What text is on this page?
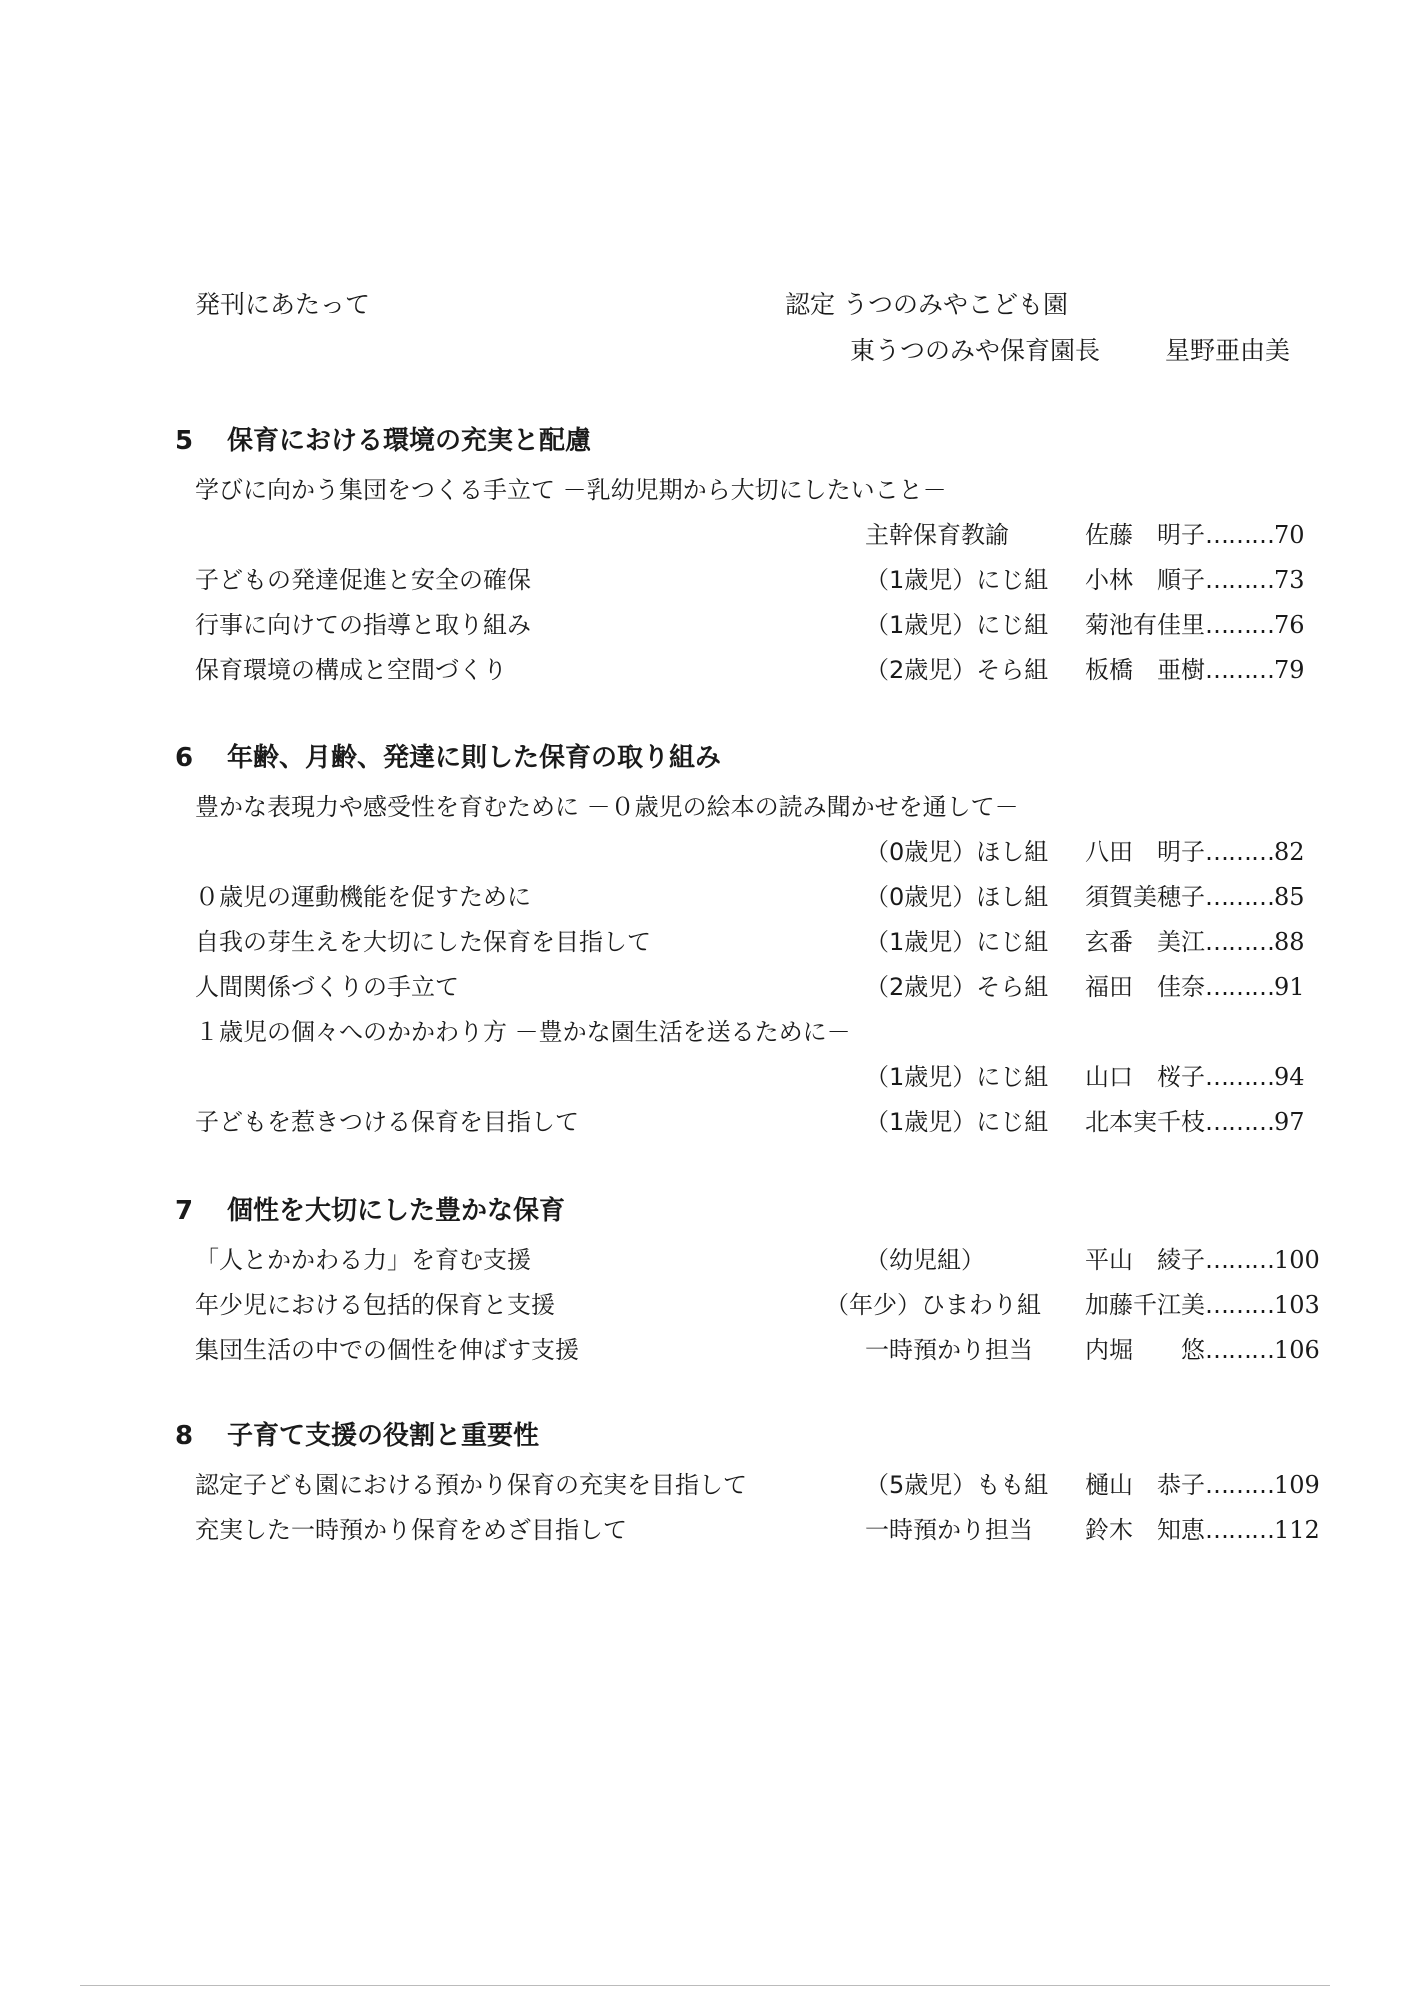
発刊にあたって	認定 うつのみやこども園
東うつのみや保育園長	星野亜由美
5 保育における環境の充実と配慮
学びに向かう集団をつくる手立て －乳幼児期から大切にしたいこと－
主幹保育教諭	佐藤　明子………70
子どもの発達促進と安全の確保	（1歳児）にじ組 小林　順子………73
行事に向けての指導と取り組み	（1歳児）にじ組 菊池有佳里………76
保育環境の構成と空間づくり	（2歳児）そら組 板橋　亜樹………79
6 年齢、月齢、発達に則した保育の取り組み
豊かな表現力や感受性を育むために －０歳児の絵本の読み聞かせを通して－
（0歳児）ほし組 八田　明子………82
０歳児の運動機能を促すために	（0歳児）ほし組 須賀美穂子………85
自我の芽生えを大切にした保育を目指して	（1歳児）にじ組 玄番　美江………88
人間関係づくりの手立て	（2歳児）そら組 福田　佳奈………91
１歳児の個々へのかかわり方 －豊かな園生活を送るために－
（1歳児）にじ組 山口　桜子………94
子どもを惹きつける保育を目指して	（1歳児）にじ組 北本実千枝………97
7 個性を大切にした豊かな保育
「人とかかわる力」を育む支援	（幼児組）	平山　綾子………100
年少児における包括的保育と支援	（年少）ひまわり組 加藤千江美………103
集団生活の中での個性を伸ばす支援	一時預かり担当 内堀　　悠………106
8 子育て支援の役割と重要性
認定子ども園における預かり保育の充実を目指して	（5歳児）もも組 樋山　恭子………109
充実した一時預かり保育をめざ目指して	一時預かり担当 鈴木　知恵………112
